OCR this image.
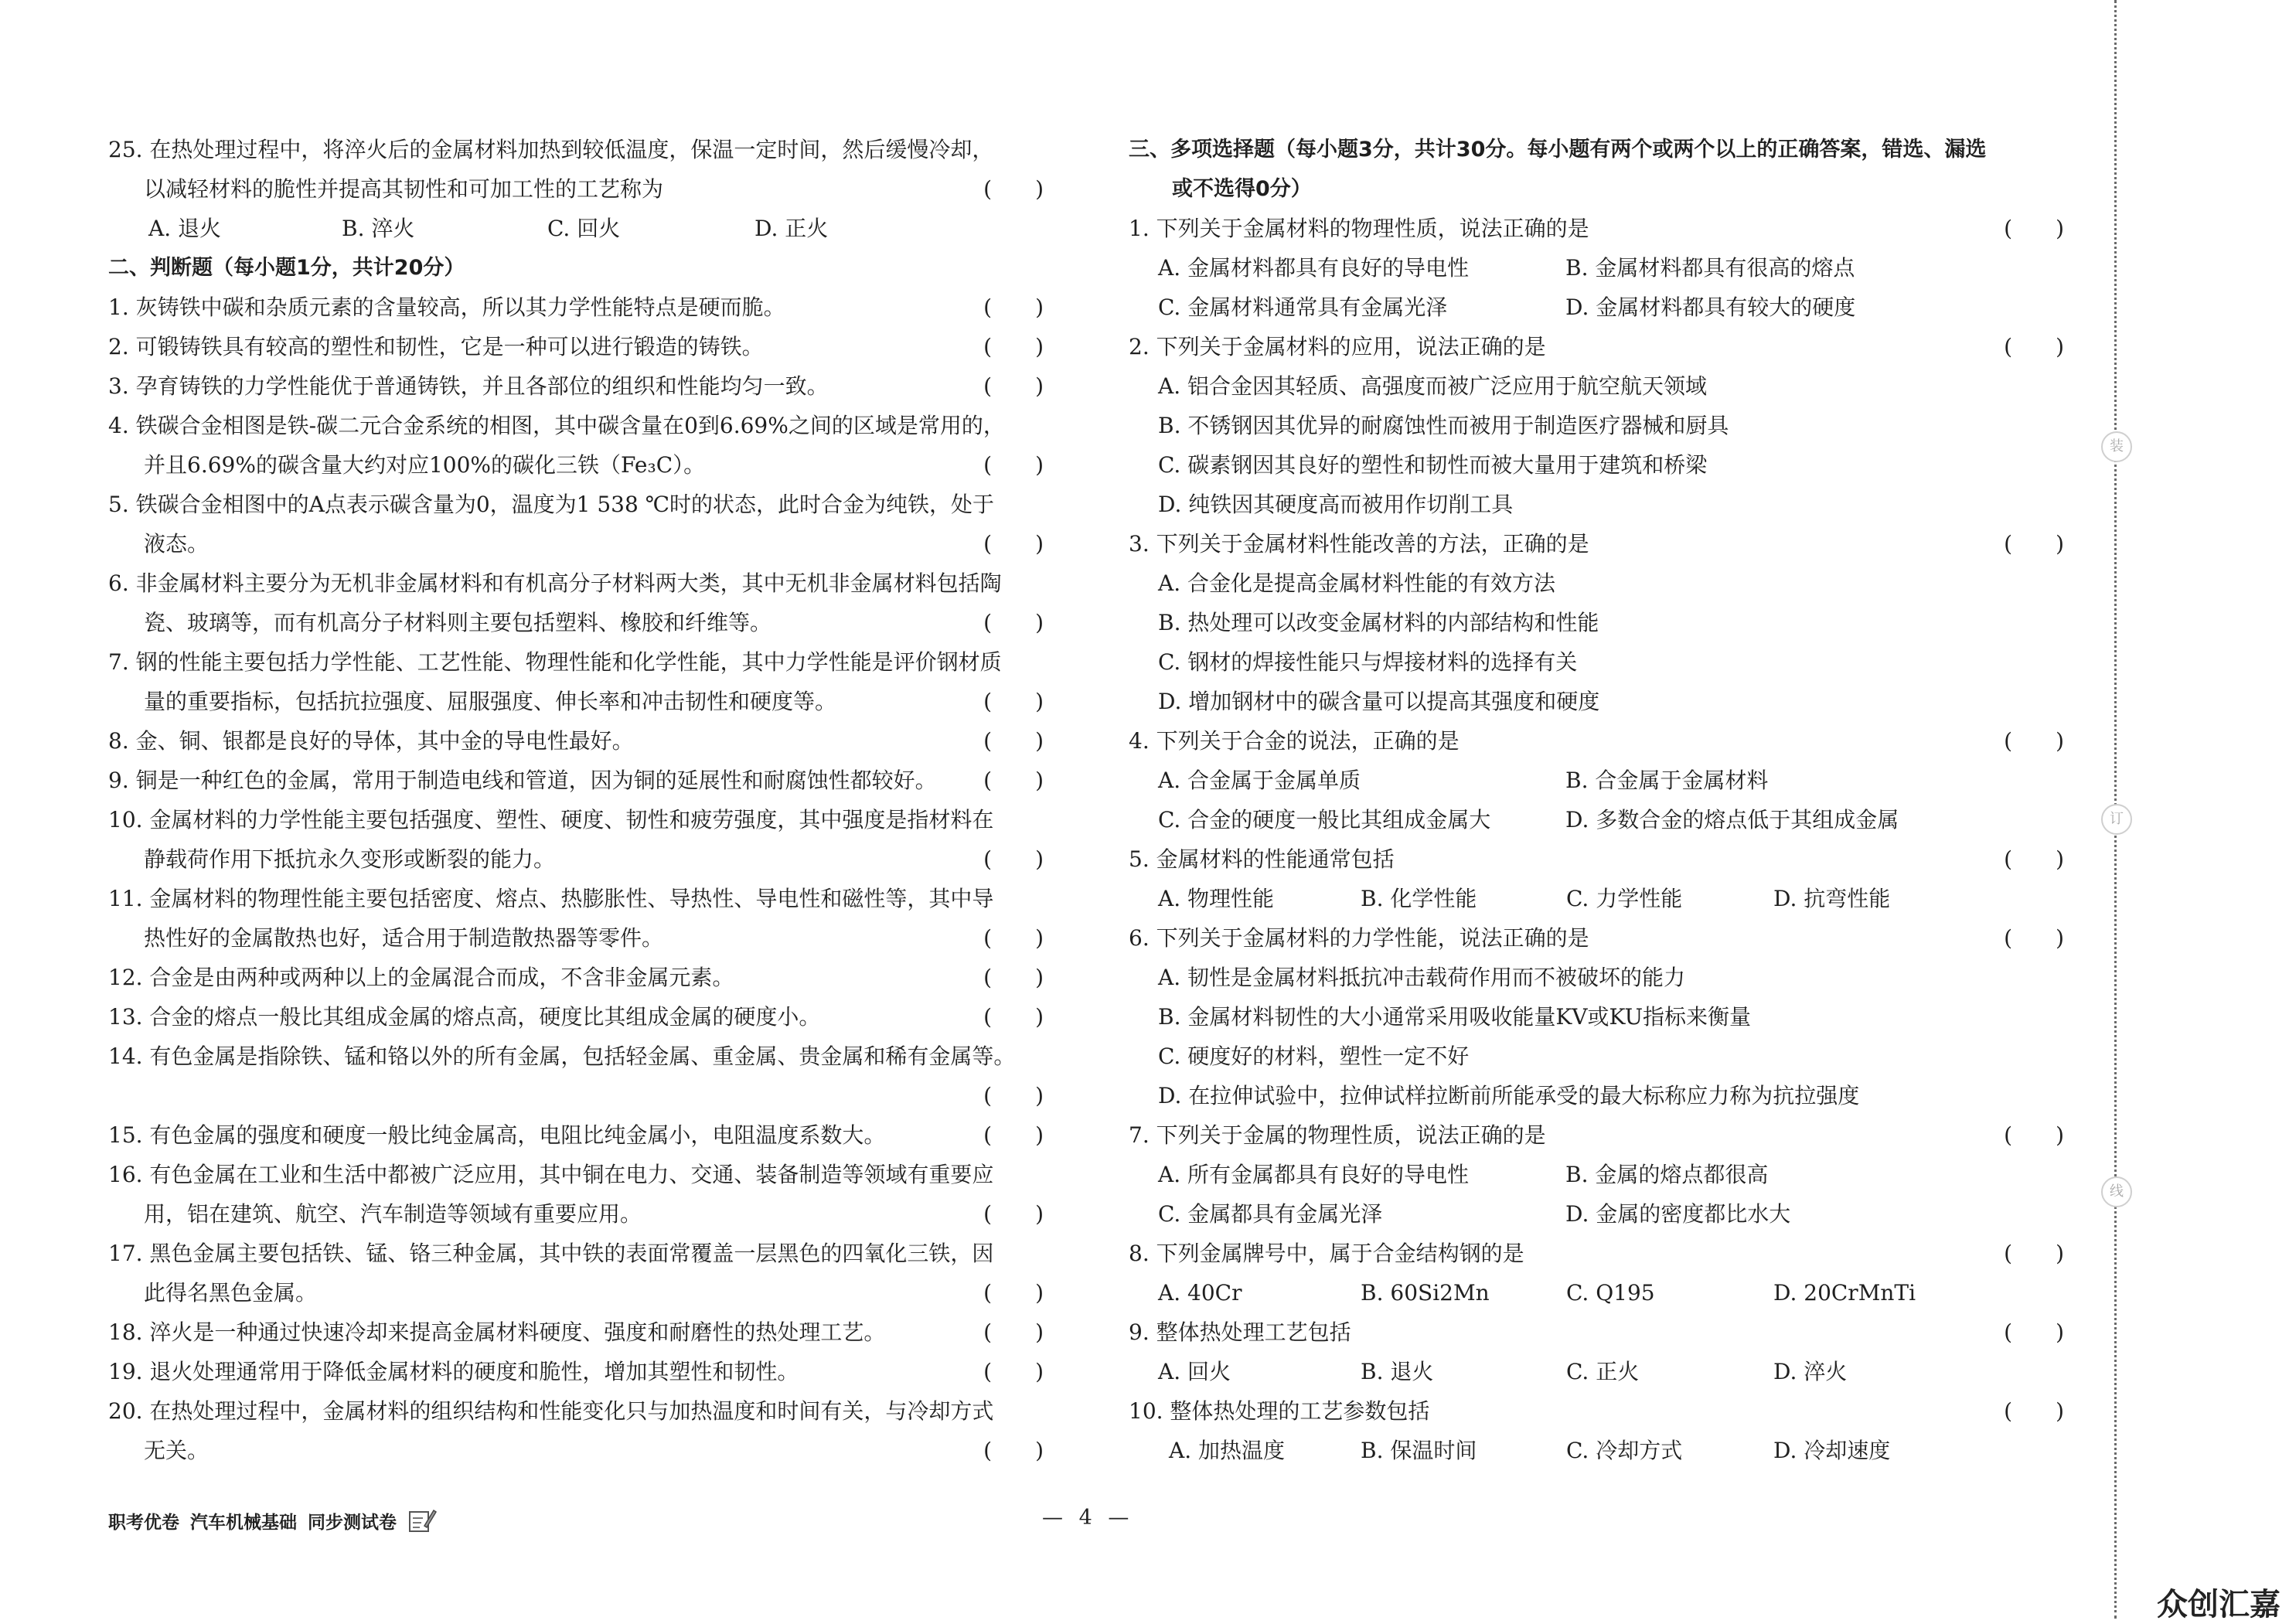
25. 在热处理过程中，将淬火后的金属材料加热到较低温度，保温一定时间，然后缓慢冷却，
以减轻材料的脆性并提高其韧性和可加工性的工艺称为	(　　)
A. 退火	B. 淬火	C. 回火	D. 正火
二、判断题（每小题1分，共计20分）
1. 灰铸铁中碳和杂质元素的含量较高，所以其力学性能特点是硬而脆。	(　　)
2. 可锻铸铁具有较高的塑性和韧性，它是一种可以进行锻造的铸铁。	(　　)
3. 孕育铸铁的力学性能优于普通铸铁，并且各部位的组织和性能均匀一致。	(　　)
4. 铁碳合金相图是铁-碳二元合金系统的相图，其中碳含量在0到6.69%之间的区域是常用的，
并且6.69%的碳含量大约对应100%的碳化三铁（Fe₃C）。	(　　)
5. 铁碳合金相图中的A点表示碳含量为0，温度为1 538 ℃时的状态，此时合金为纯铁，处于
液态。	(　　)
6. 非金属材料主要分为无机非金属材料和有机高分子材料两大类，其中无机非金属材料包括陶
瓷、玻璃等，而有机高分子材料则主要包括塑料、橡胶和纤维等。	(　　)
7. 钢的性能主要包括力学性能、工艺性能、物理性能和化学性能，其中力学性能是评价钢材质
量的重要指标，包括抗拉强度、屈服强度、伸长率和冲击韧性和硬度等。	(　　)
8. 金、铜、银都是良好的导体，其中金的导电性最好。	(　　)
9. 铜是一种红色的金属，常用于制造电线和管道，因为铜的延展性和耐腐蚀性都较好。 (　　)
10. 金属材料的力学性能主要包括强度、塑性、硬度、韧性和疲劳强度，其中强度是指材料在
静载荷作用下抵抗永久变形或断裂的能力。	(　　)
11. 金属材料的物理性能主要包括密度、熔点、热膨胀性、导热性、导电性和磁性等，其中导
热性好的金属散热也好，适合用于制造散热器等零件。	(　　)
12. 合金是由两种或两种以上的金属混合而成，不含非金属元素。	(　　)
13. 合金的熔点一般比其组成金属的熔点高，硬度比其组成金属的硬度小。	(　　)
14. 有色金属是指除铁、锰和铬以外的所有金属，包括轻金属、重金属、贵金属和稀有金属等。
(　　)
15. 有色金属的强度和硬度一般比纯金属高，电阻比纯金属小，电阻温度系数大。	(　　)
16. 有色金属在工业和生活中都被广泛应用，其中铜在电力、交通、装备制造等领域有重要应
用，铝在建筑、航空、汽车制造等领域有重要应用。	(　　)
17. 黑色金属主要包括铁、锰、铬三种金属，其中铁的表面常覆盖一层黑色的四氧化三铁，因
此得名黑色金属。	(　　)
18. 淬火是一种通过快速冷却来提高金属材料硬度、强度和耐磨性的热处理工艺。	(　　)
19. 退火处理通常用于降低金属材料的硬度和脆性，增加其塑性和韧性。	(　　)
20. 在热处理过程中，金属材料的组织结构和性能变化只与加热温度和时间有关，与冷却方式
无关。	(　　)
三、多项选择题（每小题3分，共计30分。每小题有两个或两个以上的正确答案，错选、漏选
或不选得0分）
1. 下列关于金属材料的物理性质，说法正确的是	(　　)
A. 金属材料都具有良好的导电性	B. 金属材料都具有很高的熔点
C. 金属材料通常具有金属光泽	D. 金属材料都具有较大的硬度
2. 下列关于金属材料的应用，说法正确的是	(　　)
A. 铝合金因其轻质、高强度而被广泛应用于航空航天领域
B. 不锈钢因其优异的耐腐蚀性而被用于制造医疗器械和厨具
C. 碳素钢因其良好的塑性和韧性而被大量用于建筑和桥梁
D. 纯铁因其硬度高而被用作切削工具
3. 下列关于金属材料性能改善的方法，正确的是	(　　)
A. 合金化是提高金属材料性能的有效方法
B. 热处理可以改变金属材料的内部结构和性能
C. 钢材的焊接性能只与焊接材料的选择有关
D. 增加钢材中的碳含量可以提高其强度和硬度
4. 下列关于合金的说法，正确的是	(　　)
A. 合金属于金属单质	B. 合金属于金属材料
C. 合金的硬度一般比其组成金属大	D. 多数合金的熔点低于其组成金属
5. 金属材料的性能通常包括	(　　)
A. 物理性能	B. 化学性能	C. 力学性能	D. 抗弯性能
6. 下列关于金属材料的力学性能，说法正确的是	(　　)
A. 韧性是金属材料抵抗冲击载荷作用而不被破坏的能力
B. 金属材料韧性的大小通常采用吸收能量KV或KU指标来衡量
C. 硬度好的材料，塑性一定不好
D. 在拉伸试验中，拉伸试样拉断前所能承受的最大标称应力称为抗拉强度
7. 下列关于金属的物理性质，说法正确的是	(　　)
A. 所有金属都具有良好的导电性	B. 金属的熔点都很高
C. 金属都具有金属光泽	D. 金属的密度都比水大
8. 下列金属牌号中，属于合金结构钢的是	(　　)
A. 40Cr	B. 60Si2Mn	C. Q195	D. 20CrMnTi
9. 整体热处理工艺包括	(　　)
A. 回火	B. 退火	C. 正火	D. 淬火
10. 整体热处理的工艺参数包括	(　　)
A. 加热温度	B. 保温时间	C. 冷却方式	D. 冷却速度
职考优卷 汽车机械基础 同步测试卷	— 4 —
装
订
线
众创汇嘉
